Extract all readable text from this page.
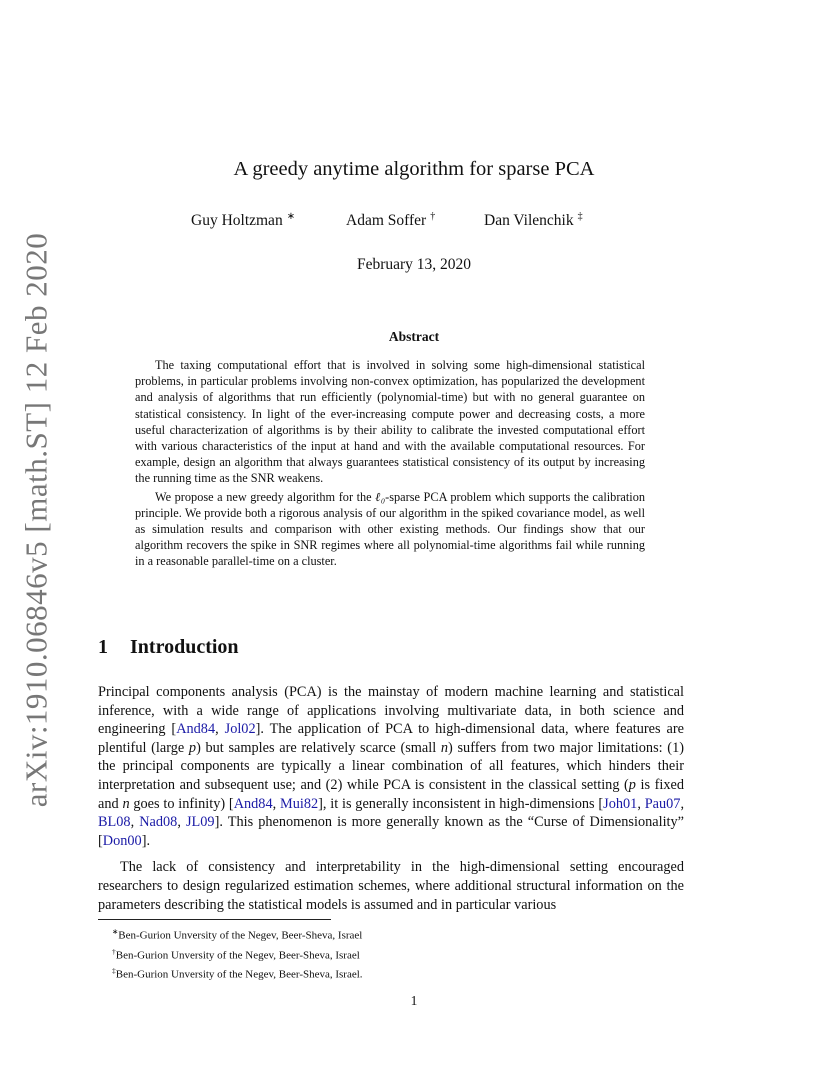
arXiv:1910.06846v5 [math.ST] 12 Feb 2020
A greedy anytime algorithm for sparse PCA
Guy Holtzman ∗	Adam Soffer †	Dan Vilenchik ‡
February 13, 2020
Abstract

The taxing computational effort that is involved in solving some high-dimensional statistical problems, in particular problems involving non-convex optimization, has popularized the development and analysis of algorithms that run efficiently (polynomial-time) but with no general guarantee on statistical consistency. In light of the ever-increasing compute power and decreasing costs, a more useful characterization of algorithms is by their ability to calibrate the invested computational effort with various characteristics of the input at hand and with the available computational resources. For example, design an algorithm that always guarantees statistical consistency of its output by increasing the running time as the SNR weakens.

We propose a new greedy algorithm for the ℓ₀-sparse PCA problem which supports the calibration principle. We provide both a rigorous analysis of our algorithm in the spiked covariance model, as well as simulation results and comparison with other existing methods. Our findings show that our algorithm recovers the spike in SNR regimes where all polynomial-time algorithms fail while running in a reasonable parallel-time on a cluster.

1 Introduction

Principal components analysis (PCA) is the mainstay of modern machine learning and statistical inference, with a wide range of applications involving multivariate data, in both science and engineering [And84, Jol02]. The application of PCA to high-dimensional data, where features are plentiful (large p) but samples are relatively scarce (small n) suffers from two major limitations: (1) the principal components are typically a linear combination of all features, which hinders their interpretation and subsequent use; and (2) while PCA is consistent in the classical setting (p is fixed and n goes to infinity) [And84, Mui82], it is generally inconsistent in high-dimensions [Joh01, Pau07, BL08, Nad08, JL09]. This phenomenon is more generally known as the “Curse of Dimensionality” [Don00].

The lack of consistency and interpretability in the high-dimensional setting encouraged researchers to design regularized estimation schemes, where additional structural information on the parameters describing the statistical models is assumed and in particular various

∗Ben-Gurion Unversity of the Negev, Beer-Sheva, Israel
†Ben-Gurion Unversity of the Negev, Beer-Sheva, Israel
‡Ben-Gurion Unversity of the Negev, Beer-Sheva, Israel.
1
